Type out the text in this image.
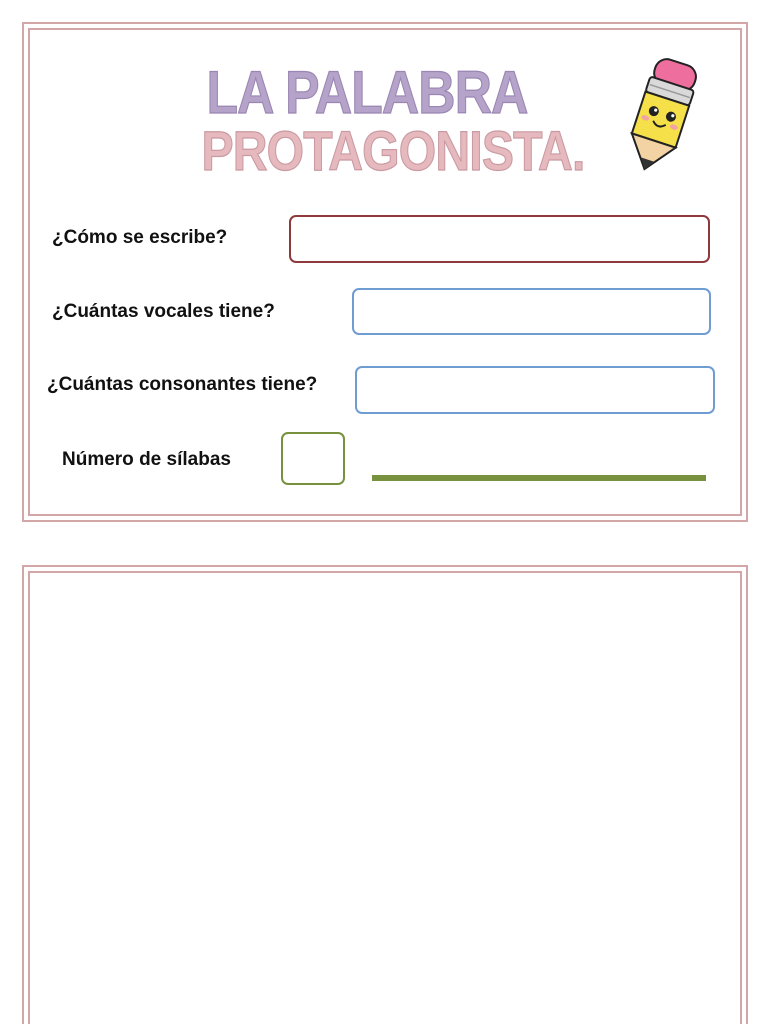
LA PALABRA
PROTAGONISTA.
¿Cómo se escribe?
¿Cuántas vocales tiene?
¿Cuántas consonantes tiene?
Número de sílabas
